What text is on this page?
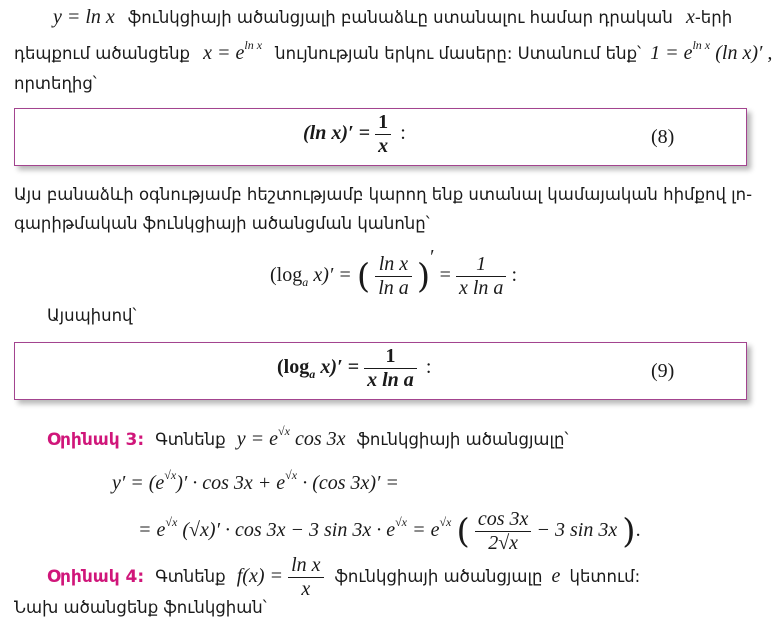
y = ln x ֆունկցիայի ածանցյալի բանաձևը ստանալու համար դրական x-երի
դեպքում ածանցենք $x = e^{ln x}$ նույնության երկու մասերը: Ստանում ենք՝ $1 = e^{ln x}$ (ln x)′ ,
որտեղից՝
(ln $x)' = \frac{1}{x}$ :	(8)
Այս բանաձևի օգնությամբ հեշտությամբ կարող ենք ստանալ կամայական հիմքով լո-
գարիթմական ֆունկցիայի ածանցման կանոնը՝
($\log_a$ x)′ = ( $\frac{\text{ln x}}{\text{ln a}}$ )′ = $\frac{1}{\text{x ln a}}$ :
Այսպիսով՝
($\log_a$ $x)' = \frac{1}{\text{x ln a}}$ :	(9)
Օրինակ 3: Գտնենք $y = e^{√x}$ cos 3x ֆունկցիայի ածանցյալը՝
$y' = (e^{√x})' \cdot \cos 3x + e^{√x} \cdot (\cos$ 3x)′ =
= $e^{√x}$ (√x)′ · cos 3x − 3 $\sin 3x \cdot e^{√x} = e^{√x}$ ( $\frac{\cos 3x}{2√x} - 3$ sin 3x ).
Օրինակ 4: Գտնենք $f(x) = \frac{\text{ln x}}{x}$ ֆունկցիայի ածանցյալը e կետում:
Նախ ածանցենք ֆունկցիան՝
